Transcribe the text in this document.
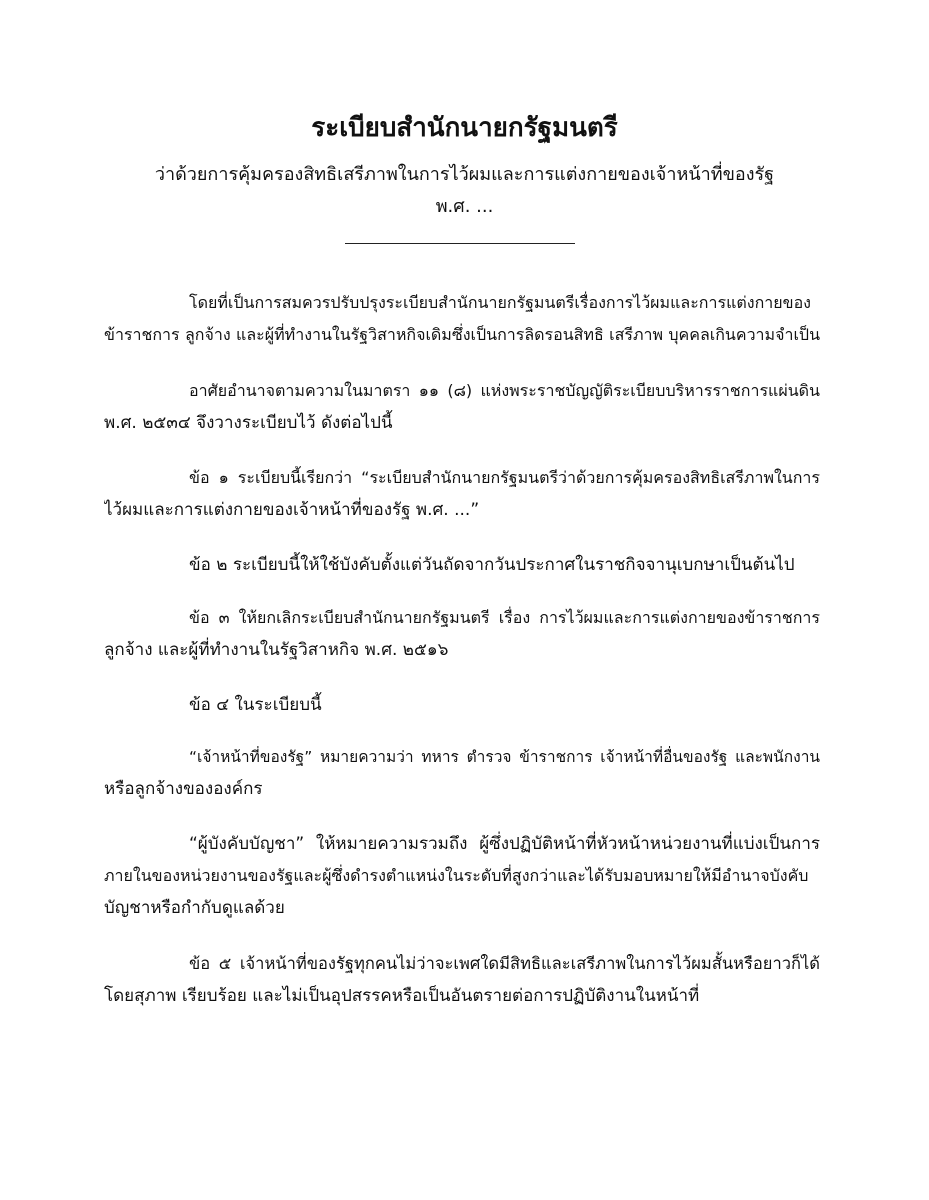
ระเบียบสำนักนายกรัฐมนตรี
ว่าด้วยการคุ้มครองสิทธิเสรีภาพในการไว้ผมและการแต่งกายของเจ้าหน้าที่ของรัฐ
พ.ศ. ...

โดยที่เป็นการสมควรปรับปรุงระเบียบสำนักนายกรัฐมนตรีเรื่องการไว้ผมและการแต่งกายของ
ข้าราชการ ลูกจ้าง และผู้ที่ทำงานในรัฐวิสาหกิจเดิมซึ่งเป็นการลิดรอนสิทธิ เสรีภาพ บุคคลเกินความจำเป็น

อาศัยอำนาจตามความในมาตรา ๑๑ (๘) แห่งพระราชบัญญัติระเบียบบริหารราชการแผ่นดิน
พ.ศ. ๒๕๓๔ จึงวางระเบียบไว้ ดังต่อไปนี้

ข้อ ๑ ระเบียบนี้เรียกว่า “ระเบียบสำนักนายกรัฐมนตรีว่าด้วยการคุ้มครองสิทธิเสรีภาพในการ
ไว้ผมและการแต่งกายของเจ้าหน้าที่ของรัฐ พ.ศ. ...”

ข้อ ๒ ระเบียบนี้ให้ใช้บังคับตั้งแต่วันถัดจากวันประกาศในราชกิจจานุเบกษาเป็นต้นไป

ข้อ ๓ ให้ยกเลิกระเบียบสำนักนายกรัฐมนตรี เรื่อง การไว้ผมและการแต่งกายของข้าราชการ
ลูกจ้าง และผู้ที่ทำงานในรัฐวิสาหกิจ พ.ศ. ๒๕๑๖

ข้อ ๔ ในระเบียบนี้

“เจ้าหน้าที่ของรัฐ” หมายความว่า ทหาร ตำรวจ ข้าราชการ เจ้าหน้าที่อื่นของรัฐ และพนักงาน
หรือลูกจ้างขององค์กร

“ผู้บังคับบัญชา” ให้หมายความรวมถึง ผู้ซึ่งปฏิบัติหน้าที่หัวหน้าหน่วยงานที่แบ่งเป็นการ
ภายในของหน่วยงานของรัฐและผู้ซึ่งดำรงตำแหน่งในระดับที่สูงกว่าและได้รับมอบหมายให้มีอำนาจบังคับ
บัญชาหรือกำกับดูแลด้วย

ข้อ ๕ เจ้าหน้าที่ของรัฐทุกคนไม่ว่าจะเพศใดมีสิทธิและเสรีภาพในการไว้ผมสั้นหรือยาวก็ได้
โดยสุภาพ เรียบร้อย และไม่เป็นอุปสรรคหรือเป็นอันตรายต่อการปฏิบัติงานในหน้าที่
